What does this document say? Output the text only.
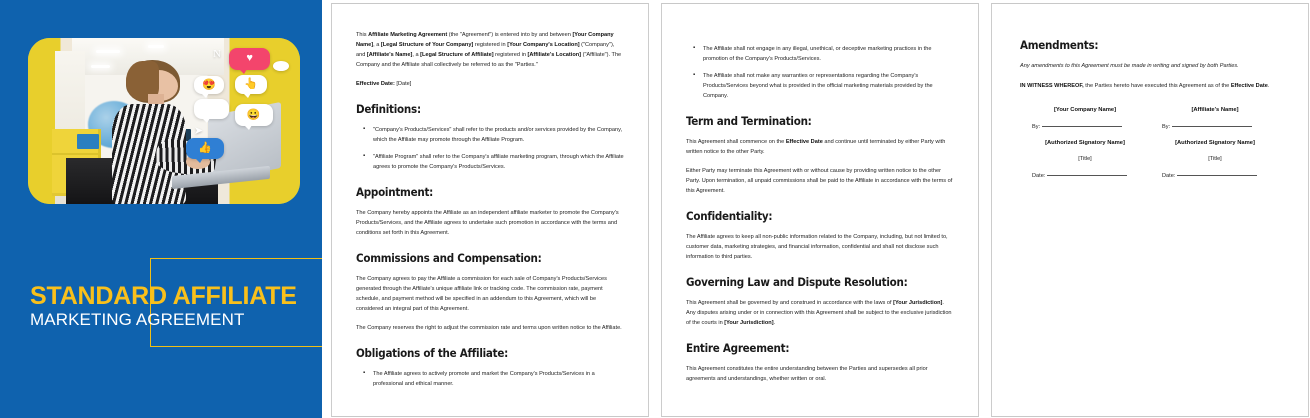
N ♥
😍	👆
✉	😀
➤
👍
STANDARD AFFILIATE
MARKETING AGREEMENT

This Affiliate Marketing Agreement (the "Agreement") is entered into by and between [Your Company Name], a [Legal Structure of Your Company] registered in [Your Company's Location] ("Company"), and [Affiliate's Name], a [Legal Structure of Affiliate] registered in [Affiliate's Location] ("Affiliate"). The Company and the Affiliate shall collectively be referred to as the "Parties."

Effective Date: [Date]

Definitions:
▪ "Company's Products/Services" shall refer to the products and/or services provided by the Company, which the Affiliate may promote through the Affiliate Program.
▪ "Affiliate Program" shall refer to the Company's affiliate marketing program, through which the Affiliate agrees to promote the Company's Products/Services.
Appointment:

The Company hereby appoints the Affiliate as an independent affiliate marketer to promote the Company's Products/Services, and the Affiliate agrees to undertake such promotion in accordance with the terms and conditions set forth in this Agreement.

Commissions and Compensation:

The Company agrees to pay the Affiliate a commission for each sale of Company's Products/Services generated through the Affiliate's unique affiliate link or tracking code. The commission rate, payment schedule, and payment method will be specified in an addendum to this Agreement, which will be considered an integral part of this Agreement.

The Company reserves the right to adjust the commission rate and terms upon written notice to the Affiliate.

Obligations of the Affiliate:
▪ The Affiliate agrees to actively promote and market the Company's Products/Services in a professional and ethical manner.
▪ The Affiliate shall not engage in any illegal, unethical, or deceptive marketing practices in the promotion of the Company's Products/Services.
▪ The Affiliate shall not make any warranties or representations regarding the Company's Products/Services beyond what is provided in the official marketing materials provided by the Company.
Term and Termination:

This Agreement shall commence on the Effective Date and continue until terminated by either Party with written notice to the other Party.

Either Party may terminate this Agreement with or without cause by providing written notice to the other Party. Upon termination, all unpaid commissions shall be paid to the Affiliate in accordance with the terms of this Agreement.

Confidentiality:

The Affiliate agrees to keep all non-public information related to the Company, including, but not limited to, customer data, marketing strategies, and financial information, confidential and shall not disclose such information to third parties.

Governing Law and Dispute Resolution:

This Agreement shall be governed by and construed in accordance with the laws of [Your Jurisdiction]. Any disputes arising under or in connection with this Agreement shall be subject to the exclusive jurisdiction of the courts in [Your Jurisdiction].

Entire Agreement:

This Agreement constitutes the entire understanding between the Parties and supersedes all prior agreements and understandings, whether written or oral.

Amendments:

Any amendments to this Agreement must be made in writing and signed by both Parties.

IN WITNESS WHEREOF, the Parties hereto have executed this Agreement as of the Effective Date.

[Your Company Name]
By:
[Authorized Signatory Name]
[Title]
Date:
[Affiliate's Name]
By:
[Authorized Signatory Name]
[Title]
Date:
